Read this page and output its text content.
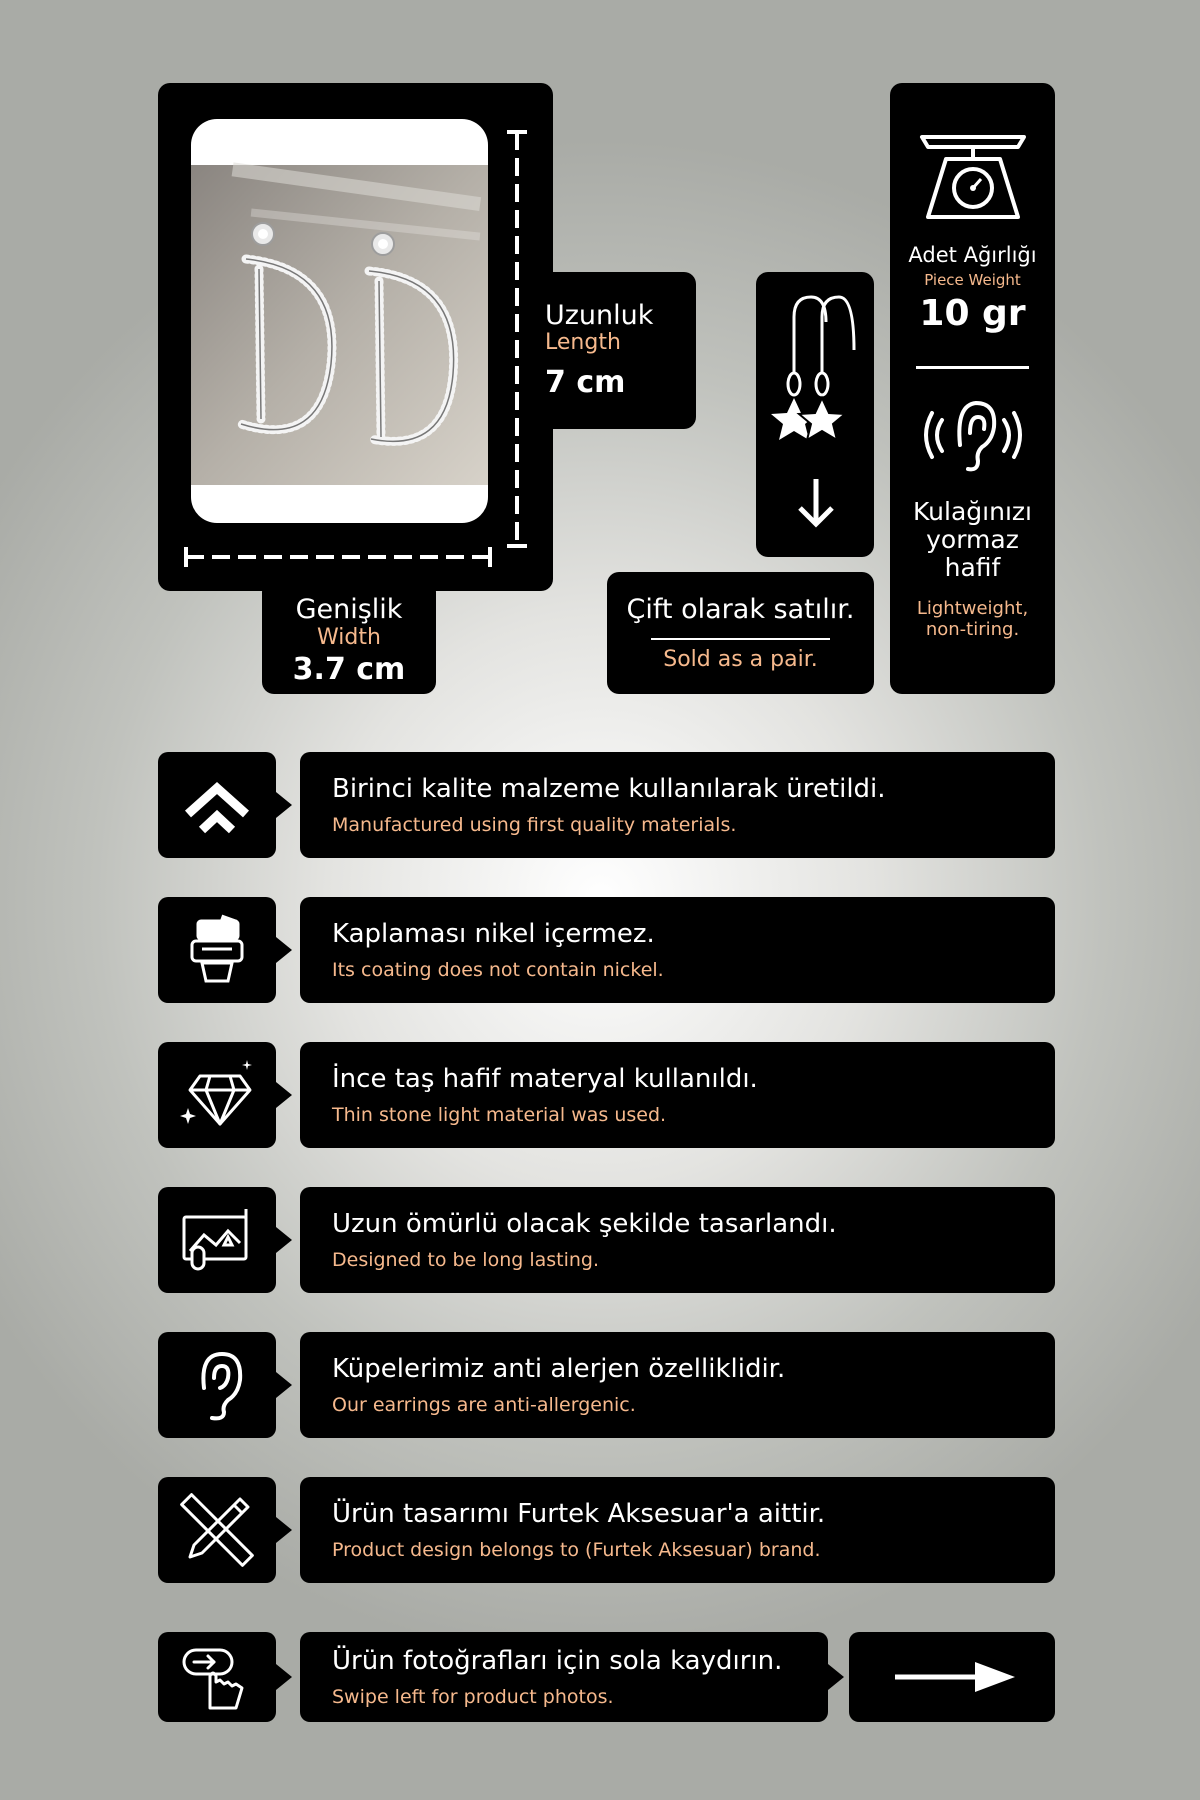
Uzunluk
Length
7 cm
Genişlik
Width
3.7 cm
Çift olarak satılır.
Sold as a pair.
Adet Ağırlığı
Piece Weight
10 gr
Kulağınızı
yormaz
hafif
Lightweight,
non-tiring.
Birinci kalite malzeme kullanılarak üretildi.
Manufactured using first quality materials.
Kaplaması nikel içermez.
Its coating does not contain nickel.
İnce taş hafif materyal kullanıldı.
Thin stone light material was used.
Uzun ömürlü olacak şekilde tasarlandı.
Designed to be long lasting.
Küpelerimiz anti alerjen özelliklidir.
Our earrings are anti-allergenic.
Ürün tasarımı Furtek Aksesuar'a aittir.
Product design belongs to (Furtek Aksesuar) brand.
Ürün fotoğrafları için sola kaydırın.
Swipe left for product photos.
